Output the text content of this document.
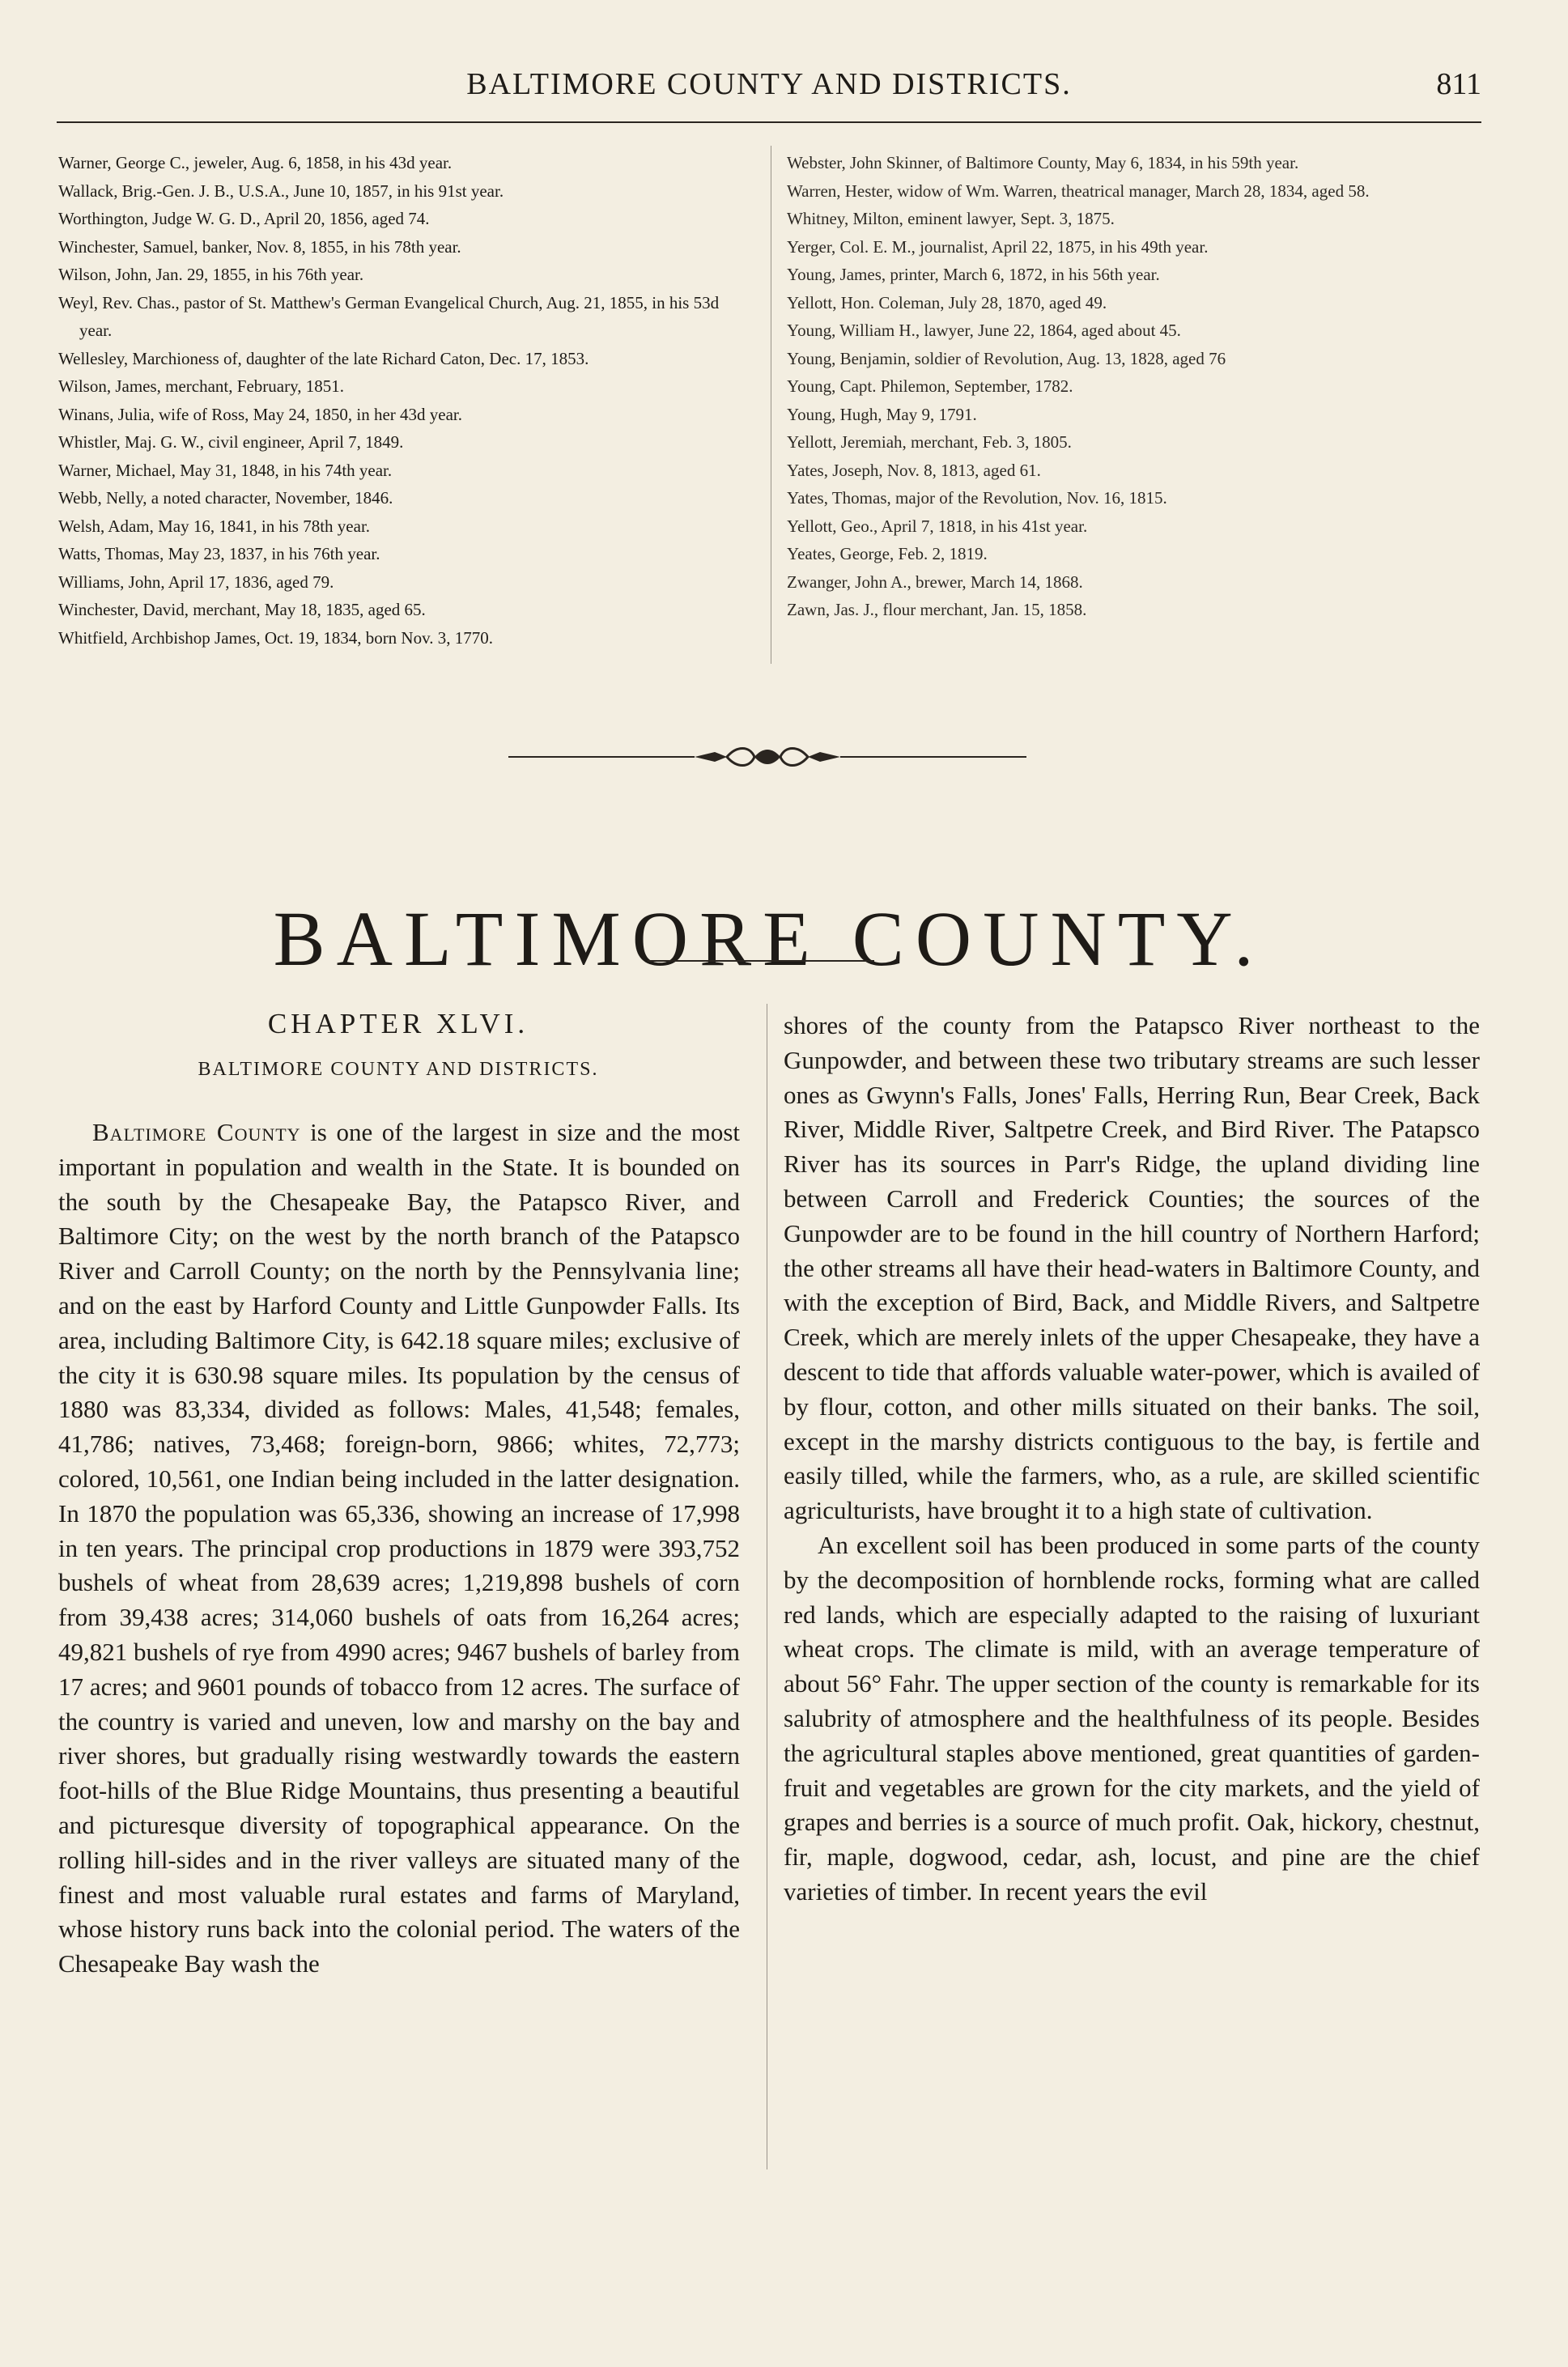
BALTIMORE COUNTY AND DISTRICTS.	811
Warner, George C., jeweler, Aug. 6, 1858, in his 43d year.
Wallack, Brig.-Gen. J. B., U.S.A., June 10, 1857, in his 91st year.
Worthington, Judge W. G. D., April 20, 1856, aged 74.
Winchester, Samuel, banker, Nov. 8, 1855, in his 78th year.
Wilson, John, Jan. 29, 1855, in his 76th year.
Weyl, Rev. Chas., pastor of St. Matthew's German Evangelical Church, Aug. 21, 1855, in his 53d year.
Wellesley, Marchioness of, daughter of the late Richard Caton, Dec. 17, 1853.
Wilson, James, merchant, February, 1851.
Winans, Julia, wife of Ross, May 24, 1850, in her 43d year.
Whistler, Maj. G. W., civil engineer, April 7, 1849.
Warner, Michael, May 31, 1848, in his 74th year.
Webb, Nelly, a noted character, November, 1846.
Welsh, Adam, May 16, 1841, in his 78th year.
Watts, Thomas, May 23, 1837, in his 76th year.
Williams, John, April 17, 1836, aged 79.
Winchester, David, merchant, May 18, 1835, aged 65.
Whitfield, Archbishop James, Oct. 19, 1834, born Nov. 3, 1770.
Webster, John Skinner, of Baltimore County, May 6, 1834, in his 59th year.
Warren, Hester, widow of Wm. Warren, theatrical manager, March 28, 1834, aged 58.
Whitney, Milton, eminent lawyer, Sept. 3, 1875.
Yerger, Col. E. M., journalist, April 22, 1875, in his 49th year.
Young, James, printer, March 6, 1872, in his 56th year.
Yellott, Hon. Coleman, July 28, 1870, aged 49.
Young, William H., lawyer, June 22, 1864, aged about 45.
Young, Benjamin, soldier of Revolution, Aug. 13, 1828, aged 76
Young, Capt. Philemon, September, 1782.
Young, Hugh, May 9, 1791.
Yellott, Jeremiah, merchant, Feb. 3, 1805.
Yates, Joseph, Nov. 8, 1813, aged 61.
Yates, Thomas, major of the Revolution, Nov. 16, 1815.
Yellott, Geo., April 7, 1818, in his 41st year.
Yeates, George, Feb. 2, 1819.
Zwanger, John A., brewer, March 14, 1868.
Zawn, Jas. J., flour merchant, Jan. 15, 1858.
BALTIMORE COUNTY.
CHAPTER XLVI.
BALTIMORE COUNTY AND DISTRICTS.

Baltimore County is one of the largest in size and the most important in population and wealth in the State. It is bounded on the south by the Chesapeake Bay, the Patapsco River, and Baltimore City; on the west by the north branch of the Patapsco River and Carroll County; on the north by the Pennsylvania line; and on the east by Harford County and Little Gunpowder Falls. Its area, including Baltimore City, is 642.18 square miles; exclusive of the city it is 630.98 square miles. Its population by the census of 1880 was 83,334, divided as follows: Males, 41,548; females, 41,786; natives, 73,468; foreign-born, 9866; whites, 72,773; colored, 10,561, one Indian being included in the latter designation. In 1870 the population was 65,336, showing an increase of 17,998 in ten years. The principal crop productions in 1879 were 393,752 bushels of wheat from 28,639 acres; 1,219,898 bushels of corn from 39,438 acres; 314,060 bushels of oats from 16,264 acres; 49,821 bushels of rye from 4990 acres; 9467 bushels of barley from 17 acres; and 9601 pounds of tobacco from 12 acres. The surface of the country is varied and uneven, low and marshy on the bay and river shores, but gradually rising westwardly towards the eastern foot-hills of the Blue Ridge Mountains, thus presenting a beautiful and picturesque diversity of topographical appearance. On the rolling hill-sides and in the river valleys are situated many of the finest and most valuable rural estates and farms of Maryland, whose history runs back into the colonial period. The waters of the Chesapeake Bay wash the

shores of the county from the Patapsco River northeast to the Gunpowder, and between these two tributary streams are such lesser ones as Gwynn's Falls, Jones' Falls, Herring Run, Bear Creek, Back River, Middle River, Saltpetre Creek, and Bird River. The Patapsco River has its sources in Parr's Ridge, the upland dividing line between Carroll and Frederick Counties; the sources of the Gunpowder are to be found in the hill country of Northern Harford; the other streams all have their head-waters in Baltimore County, and with the exception of Bird, Back, and Middle Rivers, and Saltpetre Creek, which are merely inlets of the upper Chesapeake, they have a descent to tide that affords valuable water-power, which is availed of by flour, cotton, and other mills situated on their banks. The soil, except in the marshy districts contiguous to the bay, is fertile and easily tilled, while the farmers, who, as a rule, are skilled scientific agriculturists, have brought it to a high state of cultivation.

An excellent soil has been produced in some parts of the county by the decomposition of hornblende rocks, forming what are called red lands, which are especially adapted to the raising of luxuriant wheat crops. The climate is mild, with an average temperature of about 56° Fahr. The upper section of the county is remarkable for its salubrity of atmosphere and the healthfulness of its people. Besides the agricultural staples above mentioned, great quantities of garden-fruit and vegetables are grown for the city markets, and the yield of grapes and berries is a source of much profit. Oak, hickory, chestnut, fir, maple, dogwood, cedar, ash, locust, and pine are the chief varieties of timber. In recent years the evil
